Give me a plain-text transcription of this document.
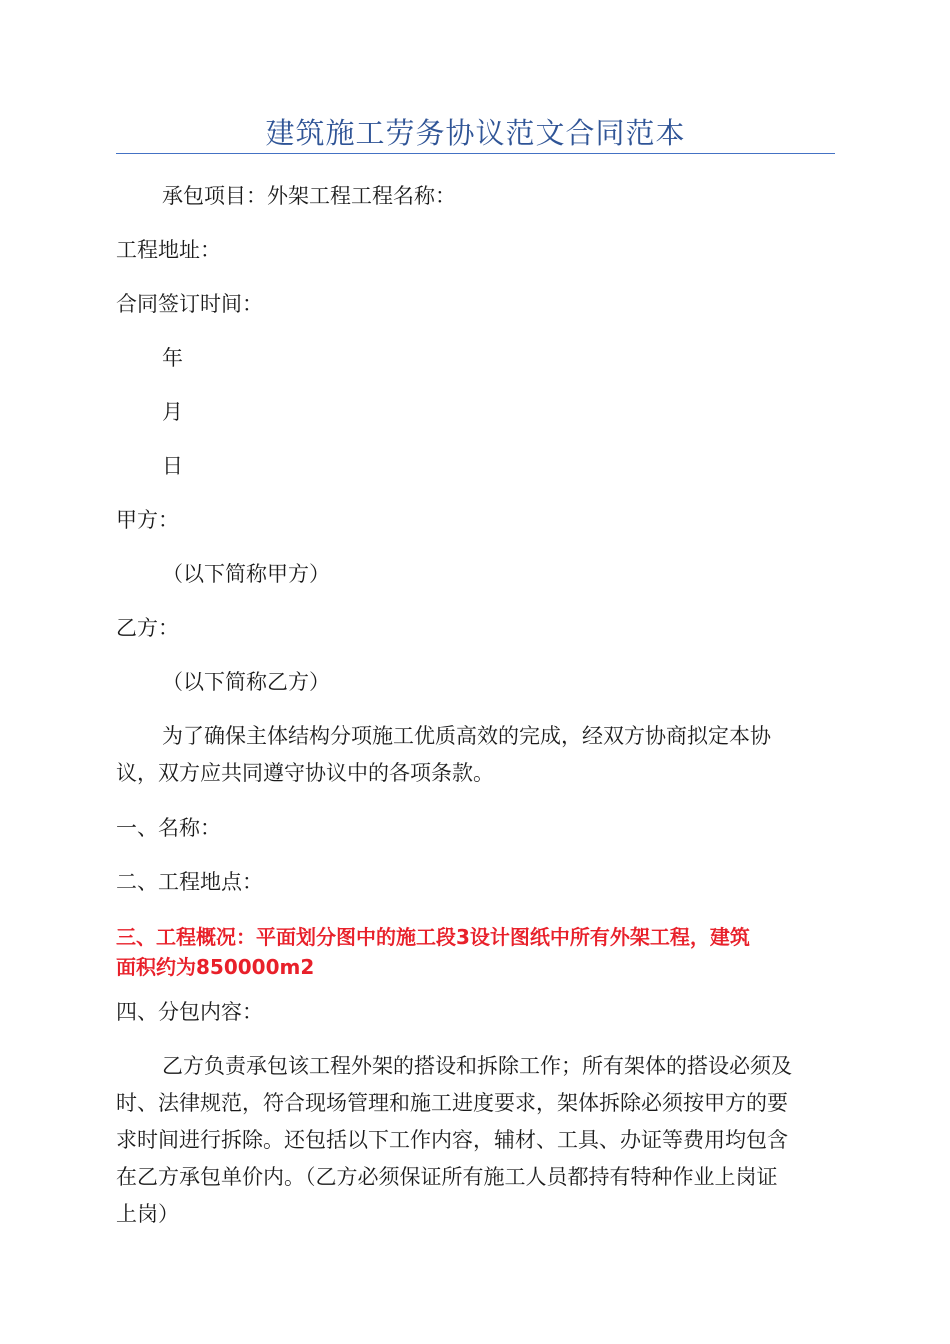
建筑施工劳务协议范文合同范本
承包项目：外架工程工程名称：
工程地址：
合同签订时间：
年
月
日
甲方：
（以下简称甲方）
乙方：
（以下简称乙方）
为了确保主体结构分项施工优质高效的完成，经双方协商拟定本协
议，双方应共同遵守协议中的各项条款。
一、名称：
二、工程地点：
三、工程概况：平面划分图中的施工段3设计图纸中所有外架工程，建筑
面积约为850000m2
四、分包内容：
乙方负责承包该工程外架的搭设和拆除工作；所有架体的搭设必须及
时、法律规范，符合现场管理和施工进度要求，架体拆除必须按甲方的要
求时间进行拆除。还包括以下工作内容，辅材、工具、办证等费用均包含
在乙方承包单价内。（乙方必须保证所有施工人员都持有特种作业上岗证
上岗）
